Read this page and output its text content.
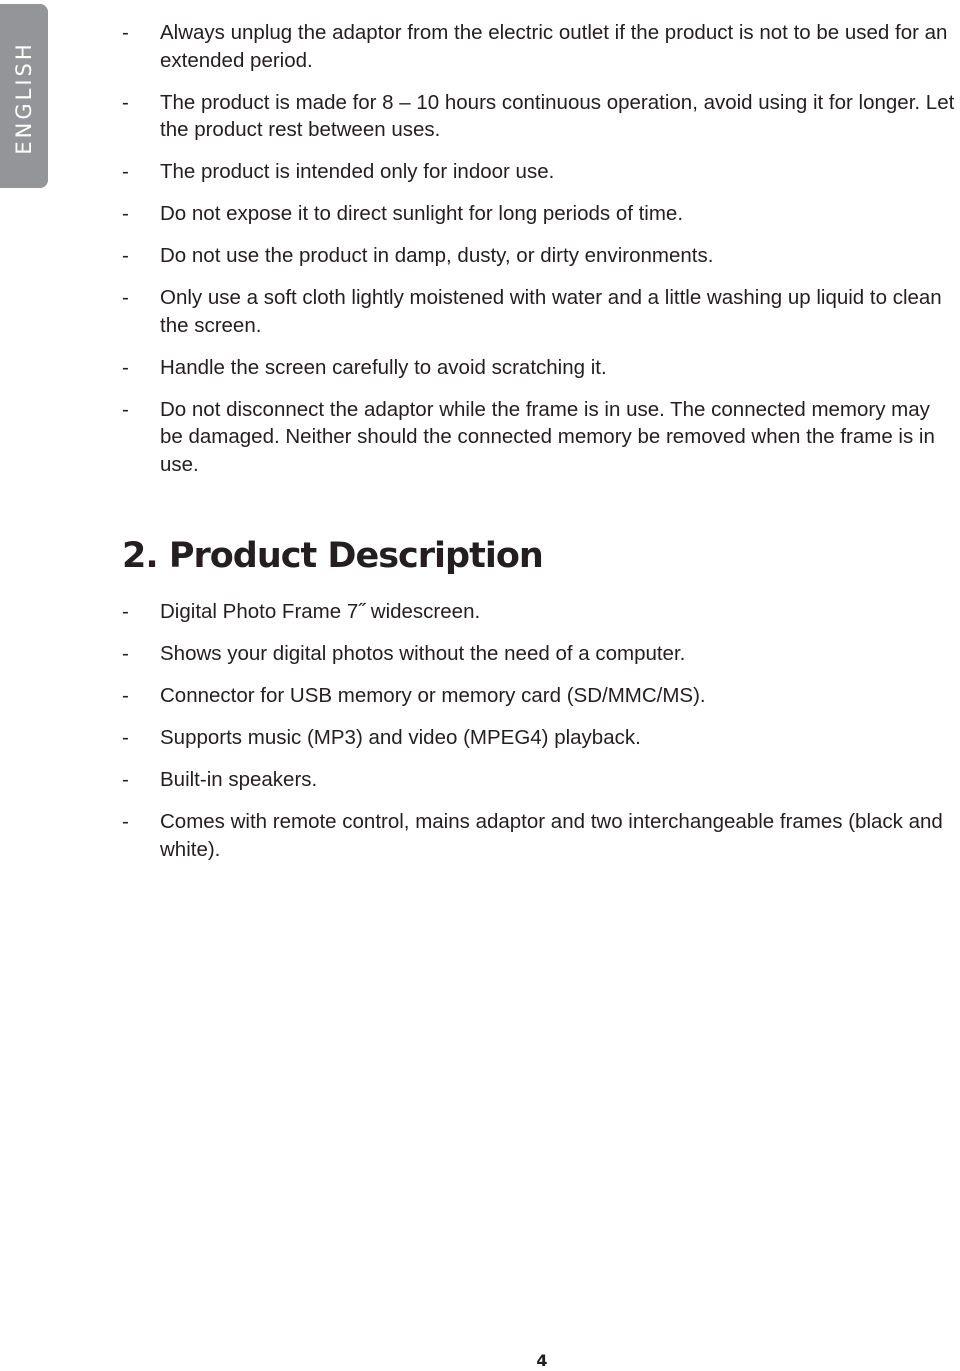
ENGLISH
- Always unplug the adaptor from the electric outlet if the product is not to be used for an extended period.
- The product is made for 8 – 10 hours continuous operation, avoid using it for longer. Let the product rest between uses.
- The product is intended only for indoor use.
- Do not expose it to direct sunlight for long periods of time.
- Do not use the product in damp, dusty, or dirty environments.
- Only use a soft cloth lightly moistened with water and a little washing up liquid to clean the screen.
- Handle the screen carefully to avoid scratching it.
- Do not disconnect the adaptor while the frame is in use. The connected memory may be damaged. Neither should the connected memory be removed when the frame is in use.
2. Product Description
- Digital Photo Frame 7˝ widescreen.
- Shows your digital photos without the need of a computer.
- Connector for USB memory or memory card (SD/MMC/MS).
- Supports music (MP3) and video (MPEG4) playback.
- Built-in speakers.
- Comes with remote control, mains adaptor and two interchangeable frames (black and white).
4
